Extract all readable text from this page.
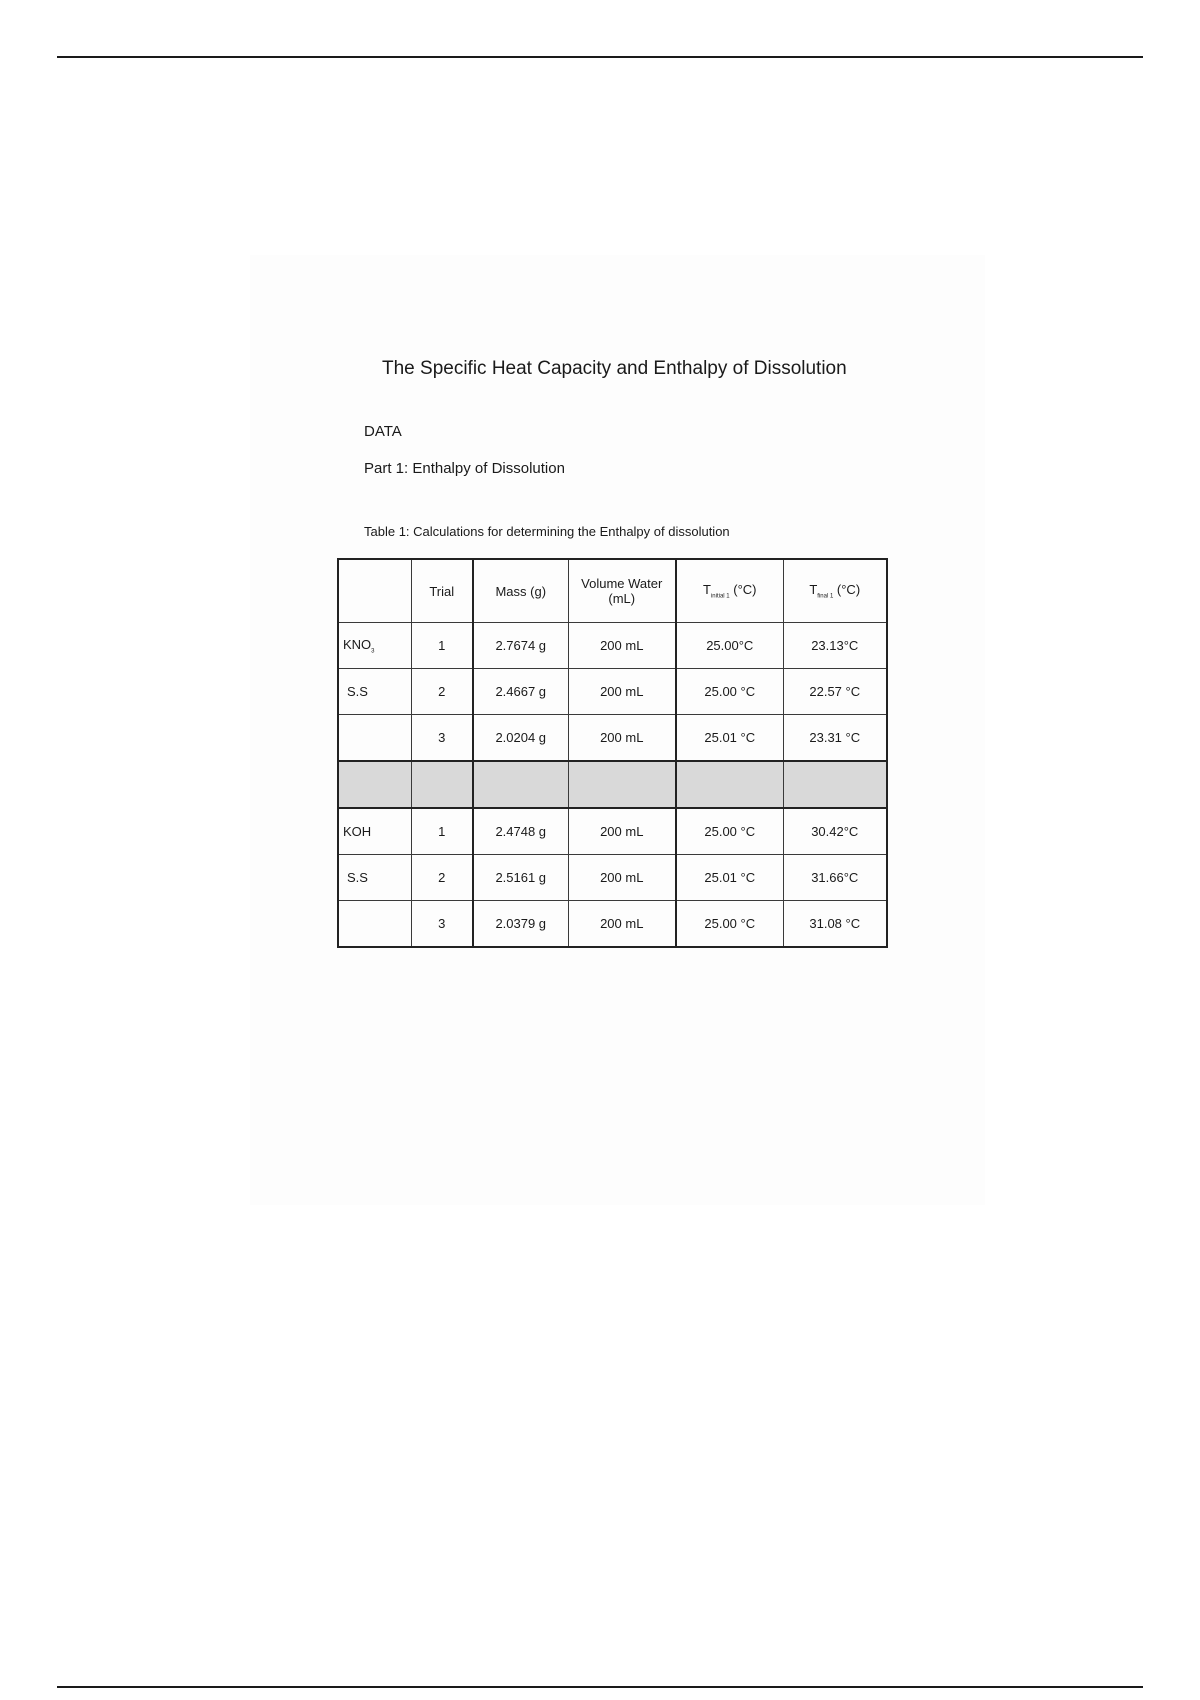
The Specific Heat Capacity and Enthalpy of Dissolution
DATA
Part 1: Enthalpy of Dissolution
Table 1: ⁣Calculations for determining the Enthalpy of dissolution
	Trial	Mass (g)	Volume Water (mL)	$T⁣_{initial 1}$ (°C)	$T⁣_{final 1}$ (°C)
$KNO⁣_3$	1	2.7674 g	200 mL	25.00°C	23.13°C
S.S	2	2.4667 g	200 mL	25.00 °C	22.57 °C
	3	2.0204 g	200 mL	25.01 °C	23.31 °C

KOH	1	2.4748 g	200 mL	25.00 °C	30.42°C
S.S	2	2.5161 g	200 mL	25.01 °C	31.66°C
	3	2.0379 g	200 mL	25.00 °C	31.08 °C
